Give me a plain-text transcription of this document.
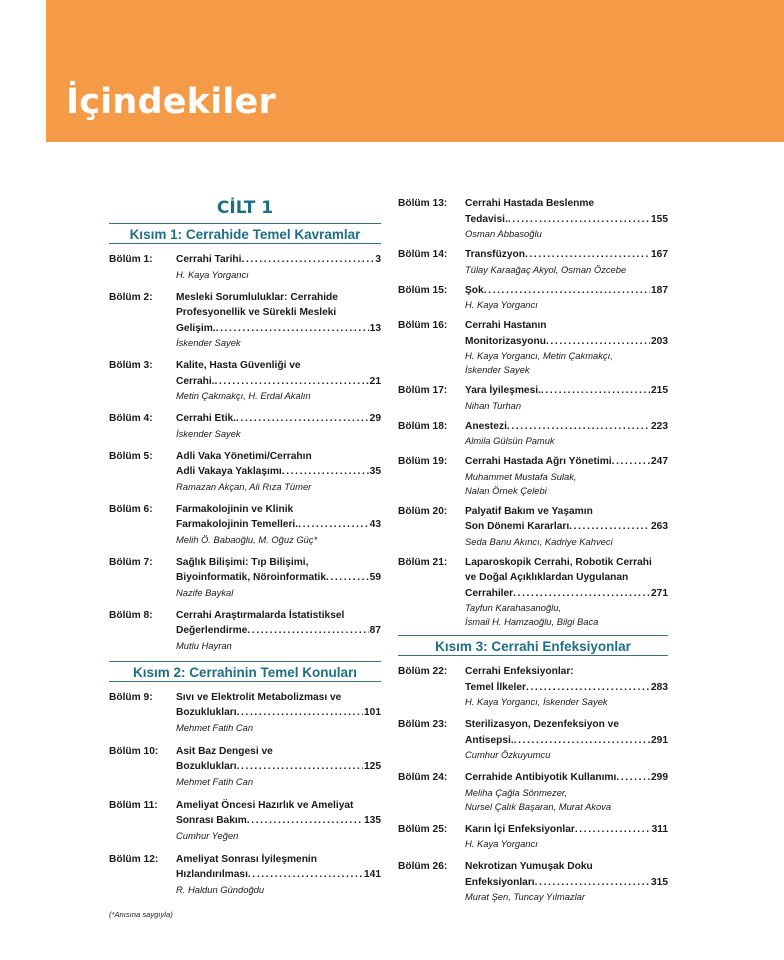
İçindekiler
CİLT 1
Kısım 1: Cerrahide Temel Kavramlar
Bölüm 1:	Cerrahi Tarihi . . .	3
H. Kaya Yorgancı
Bölüm 2:	Mesleki Sorumluluklar: Cerrahide
Profesyonellik ve Sürekli Mesleki
Gelişim. . . .	13
İskender Sayek
Bölüm 3:	Kalite, Hasta Güvenliği ve
Cerrahi. . . .	21
Metin Çakmakçı, H. Erdal Akalın
Bölüm 4:	Cerrahi Etik. . . .	29
İskender Sayek
Bölüm 5:	Adli Vaka Yönetimi/Cerrahın
Adli Vakaya Yaklaşımı . . .	35
Ramazan Akçan, Ali Rıza Tümer
Bölüm 6:	Farmakolojinin ve Klinik
Farmakolojinin Temelleri. . . .	43
Melih Ö. Babaoğlu, M. Oğuz Güç*
Bölüm 7:	Sağlık Bilişimi: Tıp Bilişimi,
Biyoinformatik, Nöroinformatik . . .	59
Nazife Baykal
Bölüm 8:	Cerrahi Araştırmalarda İstatistiksel
Değerlendirme . . .	87
Mutlu Hayran
Kısım 2: Cerrahinin Temel Konuları
Bölüm 9:	Sıvı ve Elektrolit Metabolizması ve
Bozuklukları . . .	101
Mehmet Fatih Can
Bölüm 10:	Asit Baz Dengesi ve
Bozuklukları . . .	125
Mehmet Fatih Can
Bölüm 11:	Ameliyat Öncesi Hazırlık ve Ameliyat
Sonrası Bakım . . .	135
Cumhur Yeğen
Bölüm 12:	Ameliyat Sonrası İyileşmenin
Hızlandırılması . . .	141
R. Haldun Gündoğdu
Bölüm 13:	Cerrahi Hastada Beslenme
Tedavisi. . . .	155
Osman Abbasoğlu
Bölüm 14:	Transfüzyon . . .	167
Tülay Karaağaç Akyol, Osman Özcebe
Bölüm 15:	Şok . . .	187
H. Kaya Yorgancı
Bölüm 16:	Cerrahi Hastanın
Monitorizasyonu . . .	203
H. Kaya Yorgancı, Metin Çakmakçı,
İskender Sayek
Bölüm 17:	Yara İyileşmesi. . . .	215
Nihan Turhan
Bölüm 18:	Anestezi . . .	223
Almila Gülsün Pamuk
Bölüm 19:	Cerrahi Hastada Ağrı Yönetimi . . .	247
Muhammet Mustafa Sulak,
Nalan Örnek Çelebi
Bölüm 20:	Palyatif Bakım ve Yaşamın
Son Dönemi Kararları . . .	263
Seda Banu Akıncı, Kadriye Kahveci
Bölüm 21:	Laparoskopik Cerrahi, Robotik Cerrahi
ve Doğal Açıklıklardan Uygulanan
Cerrahiler . . .	271
Tayfun Karahasanoğlu,
İsmail H. Hamzaoğlu, Bilgi Baca
Kısım 3: Cerrahi Enfeksiyonlar
Bölüm 22:	Cerrahi Enfeksiyonlar:
Temel İlkeler . . .	283
H. Kaya Yorgancı, İskender Sayek
Bölüm 23:	Sterilizasyon, Dezenfeksiyon ve
Antisepsi. . . .	291
Cumhur Özkuyumcu
Bölüm 24:	Cerrahide Antibiyotik Kullanımı . . .	299
Meliha Çağla Sönmezer,
Nursel Çalık Başaran, Murat Akova
Bölüm 25:	Karın İçi Enfeksiyonlar . . .	311
H. Kaya Yorgancı
Bölüm 26:	Nekrotizan Yumuşak Doku
Enfeksiyonları . . .	315
Murat Şen, Tuncay Yılmazlar
(*Anısına saygıyla)
